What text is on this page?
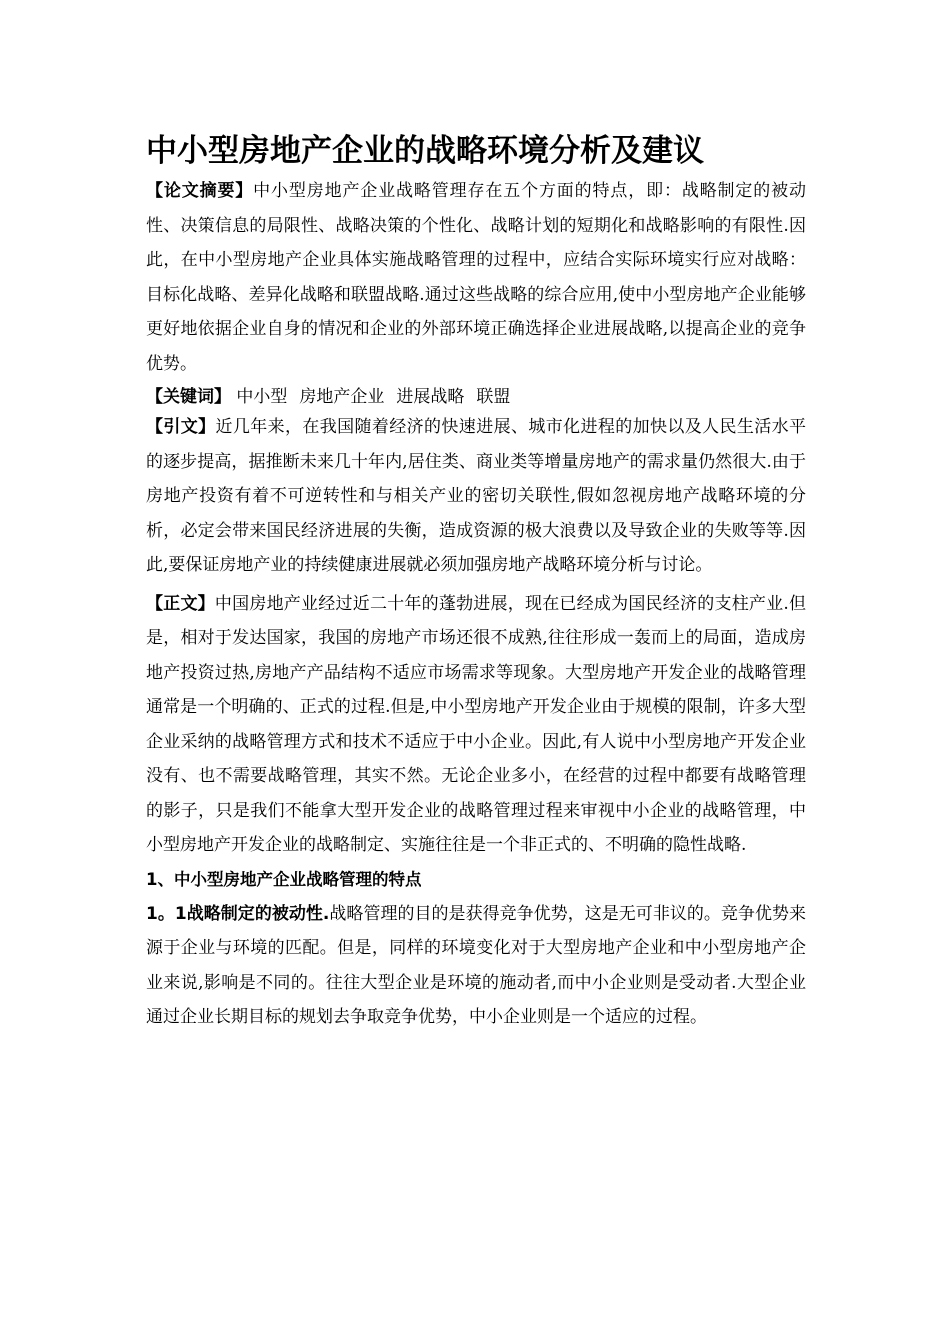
中小型房地产企业的战略环境分析及建议

【论文摘要】中小型房地产企业战略管理存在五个方面的特点，即：战略制定的被动性、决策信息的局限性、战略决策的个性化、战略计划的短期化和战略影响的有限性.因此，在中小型房地产企业具体实施战略管理的过程中，应结合实际环境实行应对战略：目标化战略、差异化战略和联盟战略.通过这些战略的综合应用,使中小型房地产企业能够更好地依据企业自身的情况和企业的外部环境正确选择企业进展战略,以提高企业的竞争优势。

【关键词】 中小型 房地产企业 进展战略 联盟

【引文】近几年来，在我国随着经济的快速进展、城市化进程的加快以及人民生活水平的逐步提高，据推断未来几十年内,居住类、商业类等增量房地产的需求量仍然很大.由于房地产投资有着不可逆转性和与相关产业的密切关联性,假如忽视房地产战略环境的分析，必定会带来国民经济进展的失衡，造成资源的极大浪费以及导致企业的失败等等.因此,要保证房地产业的持续健康进展就必须加强房地产战略环境分析与讨论。

【正文】中国房地产业经过近二十年的蓬勃进展，现在已经成为国民经济的支柱产业.但是，相对于发达国家，我国的房地产市场还很不成熟,往往形成一轰而上的局面，造成房地产投资过热,房地产产品结构不适应市场需求等现象。大型房地产开发企业的战略管理通常是一个明确的、正式的过程.但是,中小型房地产开发企业由于规模的限制，许多大型企业采纳的战略管理方式和技术不适应于中小企业。因此,有人说中小型房地产开发企业没有、也不需要战略管理，其实不然。无论企业多小，在经营的过程中都要有战略管理的影子，只是我们不能拿大型开发企业的战略管理过程来审视中小企业的战略管理，中小型房地产开发企业的战略制定、实施往往是一个非正式的、不明确的隐性战略.

1、中小型房地产企业战略管理的特点

1。1战略制定的被动性.战略管理的目的是获得竞争优势，这是无可非议的。竞争优势来源于企业与环境的匹配。但是，同样的环境变化对于大型房地产企业和中小型房地产企业来说,影响是不同的。往往大型企业是环境的施动者,而中小企业则是受动者.大型企业通过企业长期目标的规划去争取竞争优势，中小企业则是一个适应的过程。
